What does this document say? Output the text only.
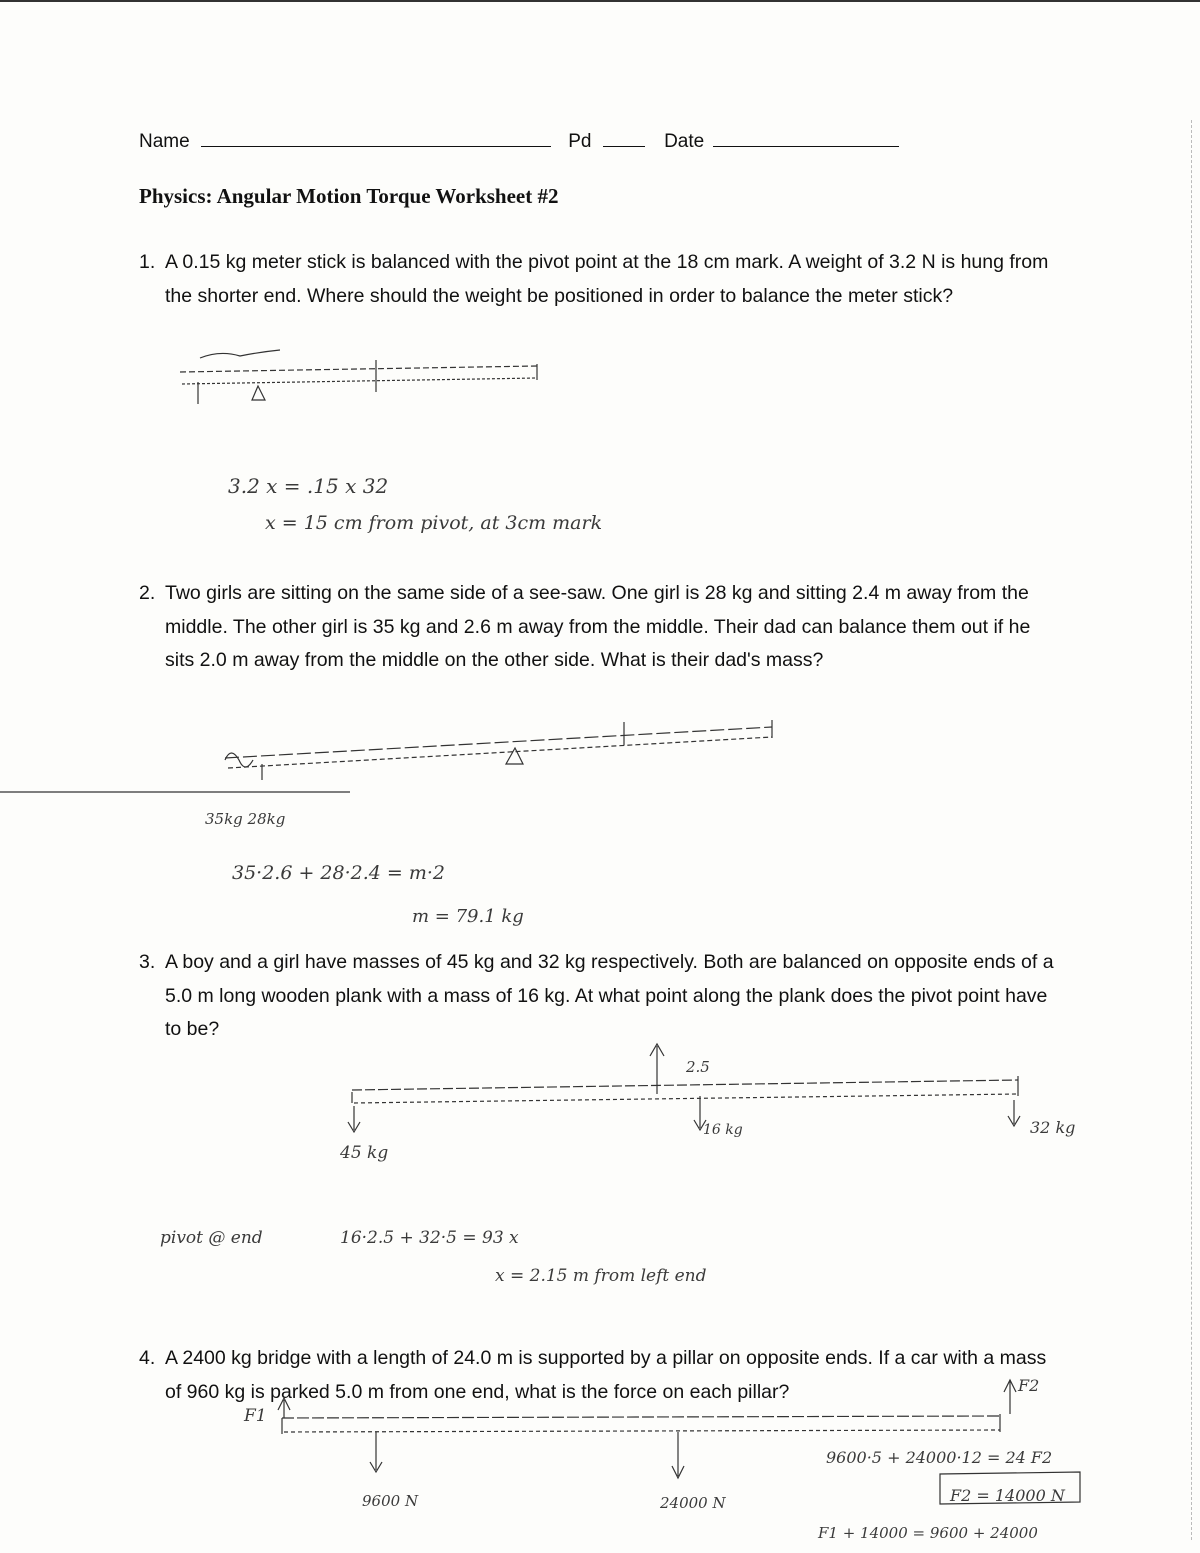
Name	Pd	Date
Physics: Angular Motion Torque Worksheet #2
1. A 0.15 kg meter stick is balanced with the pivot point at the 18 cm mark. A weight of 3.2 N is hung from the shorter end. Where should the weight be positioned in order to balance the meter stick?
3.2 x = .15 x 32
x = 15 cm from pivot, at 3cm mark
2. Two girls are sitting on the same side of a see-saw. One girl is 28 kg and sitting 2.4 m away from the middle. The other girl is 35 kg and 2.6 m away from the middle. Their dad can balance them out if he sits 2.0 m away from the middle on the other side. What is their dad's mass?
35kg 28kg
35·2.6 + 28·2.4 = m·2
m = 79.1 kg
3. A boy and a girl have masses of 45 kg and 32 kg respectively. Both are balanced on opposite ends of a 5.0 m long wooden plank with a mass of 16 kg. At what point along the plank does the pivot point have to be?
2.5
45 kg
16 kg	32 kg
pivot @ end	16·2.5 + 32·5 = 93 x
x = 2.15 m from left end
4. A 2400 kg bridge with a length of 24.0 m is supported by a pillar on opposite ends. If a car with a mass of 960 kg is parked 5.0 m from one end, what is the force on each pillar?
F1
F2
9600 N	24000 N
9600·5 + 24000·12 = 24 F2
F2 = 14000 N
F1 + 14000 = 9600 + 24000
